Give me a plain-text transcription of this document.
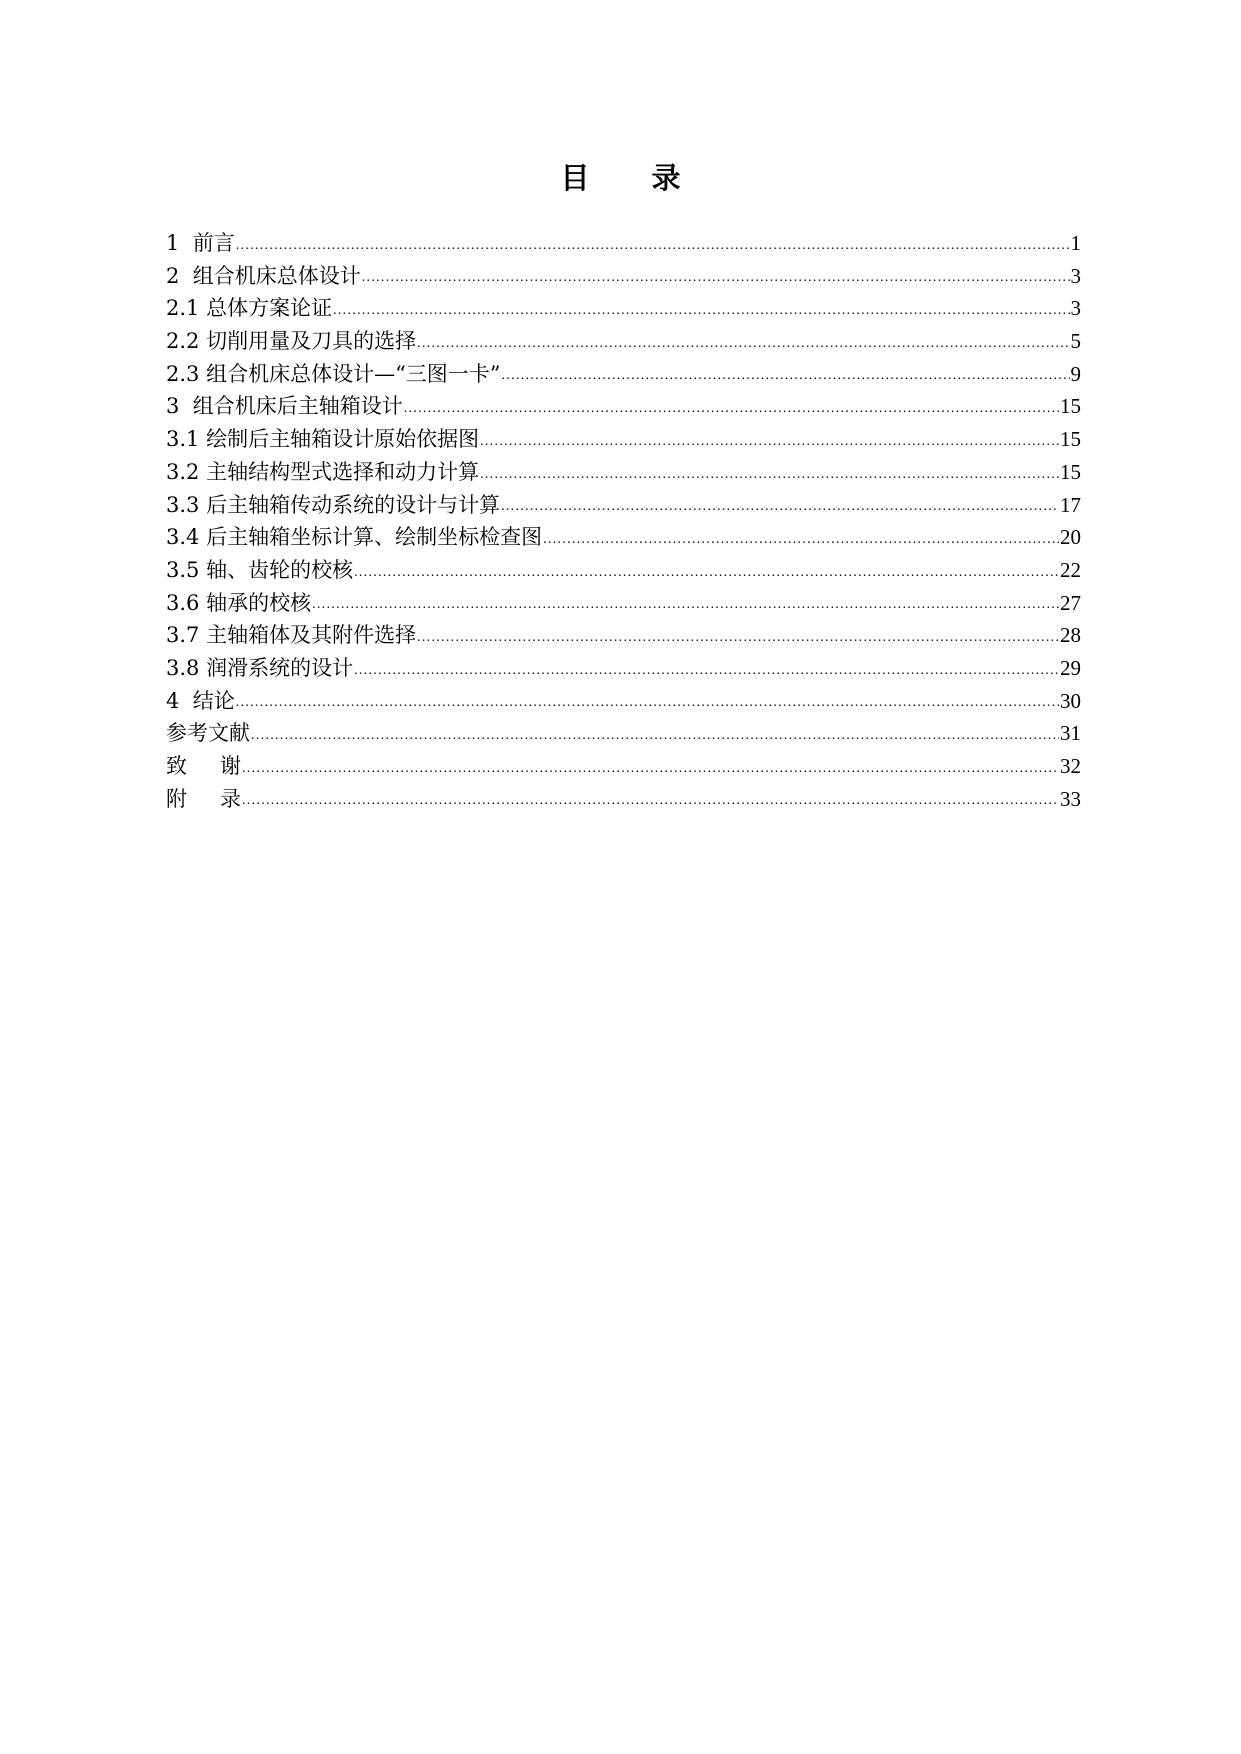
目 录
1  前言 .....	1
2  组合机床总体设计 .....	3
2.1 总体方案论证 .....	3
2.2 切削用量及刀具的选择 .....	5
2.3 组合机床总体设计—“三图一卡” .....	9
3  组合机床后主轴箱设计 .....	15
3.1 绘制后主轴箱设计原始依据图 .....	15
3.2 主轴结构型式选择和动力计算 .....	15
3.3 后主轴箱传动系统的设计与计算 .....	17
3.4 后主轴箱坐标计算、绘制坐标检查图 .....	20
3.5 轴、齿轮的校核 .....	22
3.6 轴承的校核 .....	27
3.7 主轴箱体及其附件选择 .....	28
3.8 润滑系统的设计 .....	29
4  结论 .....	30
参考文献 .....	31
致谢 .....	32
附录 .....	33
